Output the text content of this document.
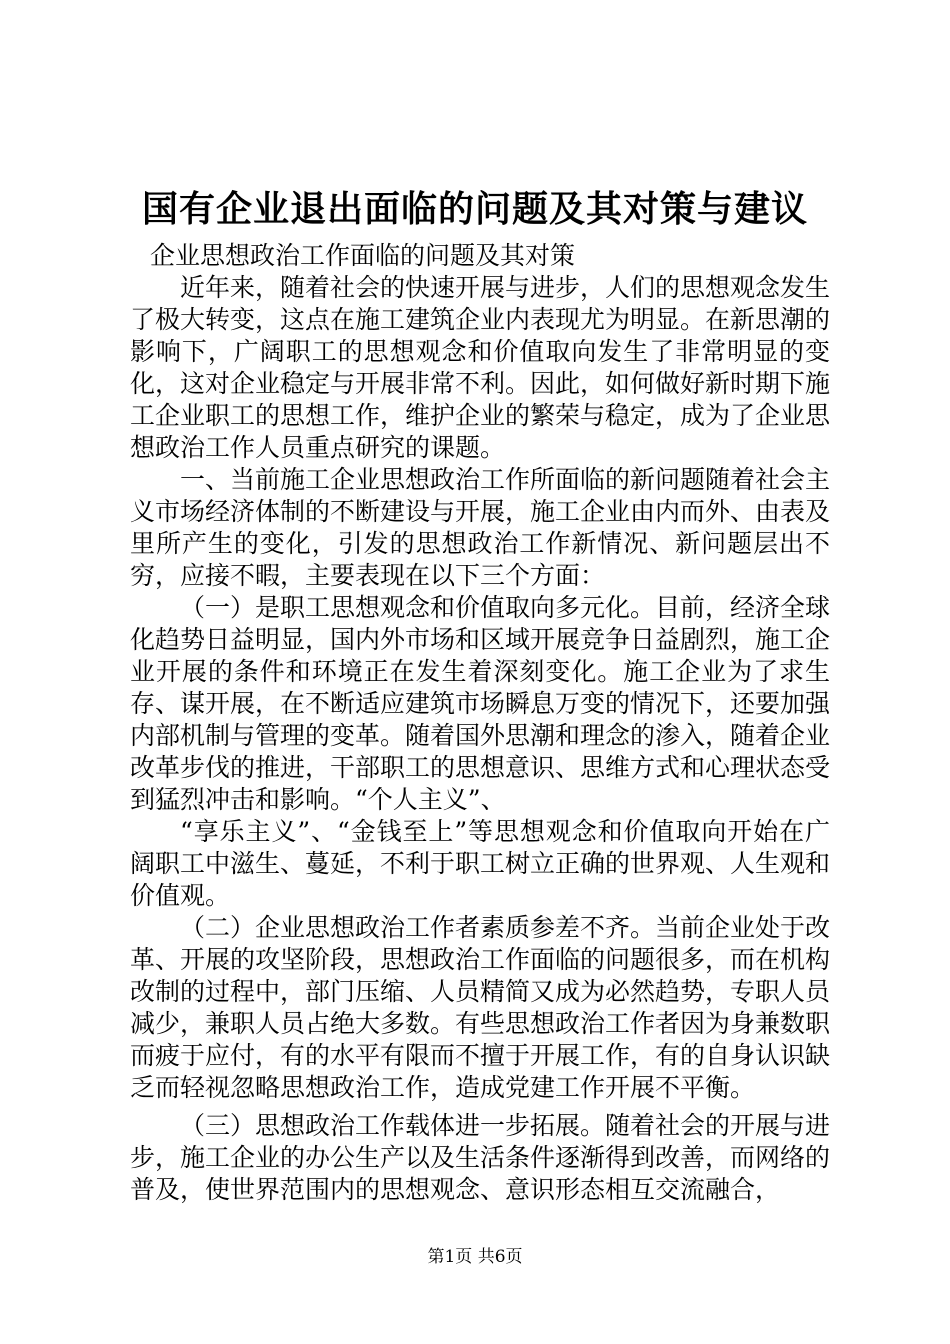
国有企业退出面临的问题及其对策与建议

企业思想政治工作面临的问题及其对策

近年来，随着社会的快速开展与进步，人们的思想观念发生了极大转变，这点在施工建筑企业内表现尤为明显。在新思潮的影响下，广阔职工的思想观念和价值取向发生了非常明显的变化，这对企业稳定与开展非常不利。因此，如何做好新时期下施工企业职工的思想工作，维护企业的繁荣与稳定，成为了企业思想政治工作人员重点研究的课题。

一、当前施工企业思想政治工作所面临的新问题随着社会主义市场经济体制的不断建设与开展，施工企业由内而外、由表及里所产生的变化，引发的思想政治工作新情况、新问题层出不穷，应接不暇，主要表现在以下三个方面：

（一）是职工思想观念和价值取向多元化。目前，经济全球化趋势日益明显，国内外市场和区域开展竞争日益剧烈，施工企业开展的条件和环境正在发生着深刻变化。施工企业为了求生存、谋开展，在不断适应建筑市场瞬息万变的情况下，还要加强内部机制与管理的变革。随着国外思潮和理念的渗入，随着企业改革步伐的推进，干部职工的思想意识、思维方式和心理状态受到猛烈冲击和影响。“个人主义”、

“享乐主义”、“金钱至上”等思想观念和价值取向开始在广阔职工中滋生、蔓延，不利于职工树立正确的世界观、人生观和价值观。

（二）企业思想政治工作者素质参差不齐。当前企业处于改革、开展的攻坚阶段，思想政治工作面临的问题很多，而在机构改制的过程中，部门压缩、人员精简又成为必然趋势，专职人员减少，兼职人员占绝大多数。有些思想政治工作者因为身兼数职而疲于应付，有的水平有限而不擅于开展工作，有的自身认识缺乏而轻视忽略思想政治工作，造成党建工作开展不平衡。

（三）思想政治工作载体进一步拓展。随着社会的开展与进步，施工企业的办公生产以及生活条件逐渐得到改善，而网络的普及，使世界范围内的思想观念、意识形态相互交流融合，

第1页 共6页
